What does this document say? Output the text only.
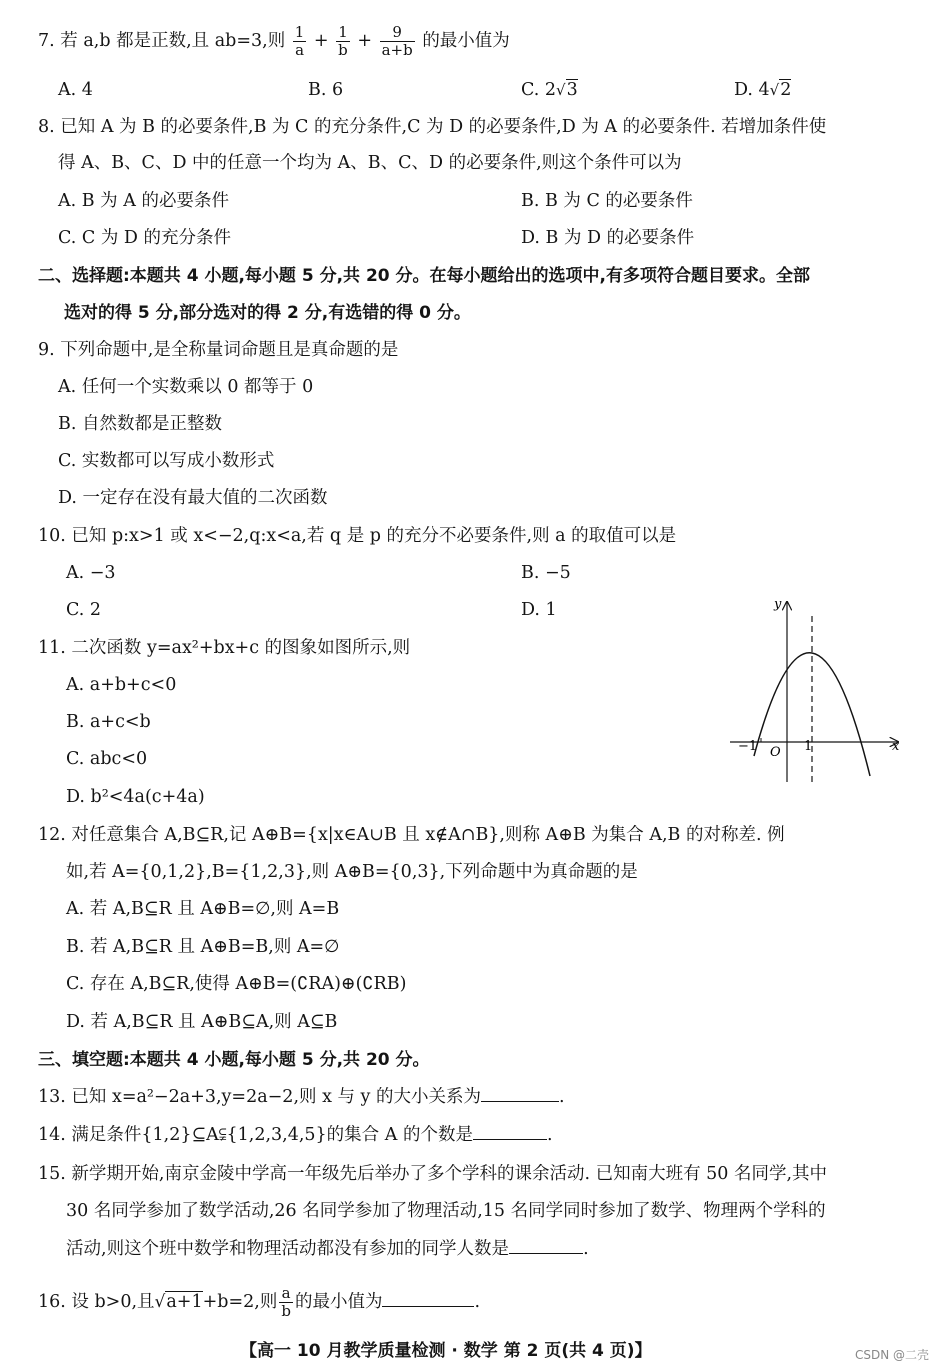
7. 若 a,b 都是正数,且 ab=3,则 $\frac{1}{a} + \frac{1}{b} + \frac{9}{a+b}$ 的最小值为
A. 4	B. 6	C. 2√3	D. 4√2
8. 已知 A 为 B 的必要条件,B 为 C 的充分条件,C 为 D 的必要条件,D 为 A 的必要条件. 若增加条件使
得 A、B、C、D 中的任意一个均为 A、B、C、D 的必要条件,则这个条件可以为
A. B 为 A 的必要条件	B. B 为 C 的必要条件
C. C 为 D 的充分条件	D. B 为 D 的必要条件
二、选择题:本题共 4 小题,每小题 5 分,共 20 分。在每小题给出的选项中,有多项符合题目要求。全部
选对的得 5 分,部分选对的得 2 分,有选错的得 0 分。
9. 下列命题中,是全称量词命题且是真命题的是
A. 任何一个实数乘以 0 都等于 0
B. 自然数都是正整数
C. 实数都可以写成小数形式
D. 一定存在没有最大值的二次函数
10. 已知 p:x>1 或 x<−2,q:x<a,若 q 是 p 的充分不必要条件,则 a 的取值可以是
A. −3	B. −5
C. 2	D. 1
11. 二次函数 y=ax²+bx+c 的图象如图所示,则
A. a+b+c<0
B. a+c<b
C. abc<0
D. b²<4a(c+4a)
y
x
O
−1	1
12. 对任意集合 A,B⊆R,记 A⊕B={x|x∈A∪B 且 x∉A∩B},则称 A⊕B 为集合 A,B 的对称差. 例
如,若 A={0,1,2},B={1,2,3},则 A⊕B={0,3},下列命题中为真命题的是
A. 若 A,B⊆R 且 A⊕B=∅,则 A=B
B. 若 A,B⊆R 且 A⊕B=B,则 A=∅
C. 存在 A,B⊆R,使得 A⊕B=(∁RA)⊕(∁RB)
D. 若 A,B⊆R 且 A⊕B⊆A,则 A⊆B
三、填空题:本题共 4 小题,每小题 5 分,共 20 分。
13. 已知 x=a²−2a+3,y=2a−2,则 x 与 y 的大小关系为	.
14. 满足条件{1,2}⊆A⫋{1,2,3,4,5}的集合 A 的个数是	.
15. 新学期开始,南京金陵中学高一年级先后举办了多个学科的课余活动. 已知南大班有 50 名同学,其中
30 名同学参加了数学活动,26 名同学参加了物理活动,15 名同学同时参加了数学、物理两个学科的
活动,则这个班中数学和物理活动都没有参加的同学人数是	.
16. 设 b>0,且√a+1+b=2,则 $\frac{a}{b}$ 的最小值为	.
【高一 10 月教学质量检测 · 数学 第 2 页(共 4 页)】	CSDN @二壳
